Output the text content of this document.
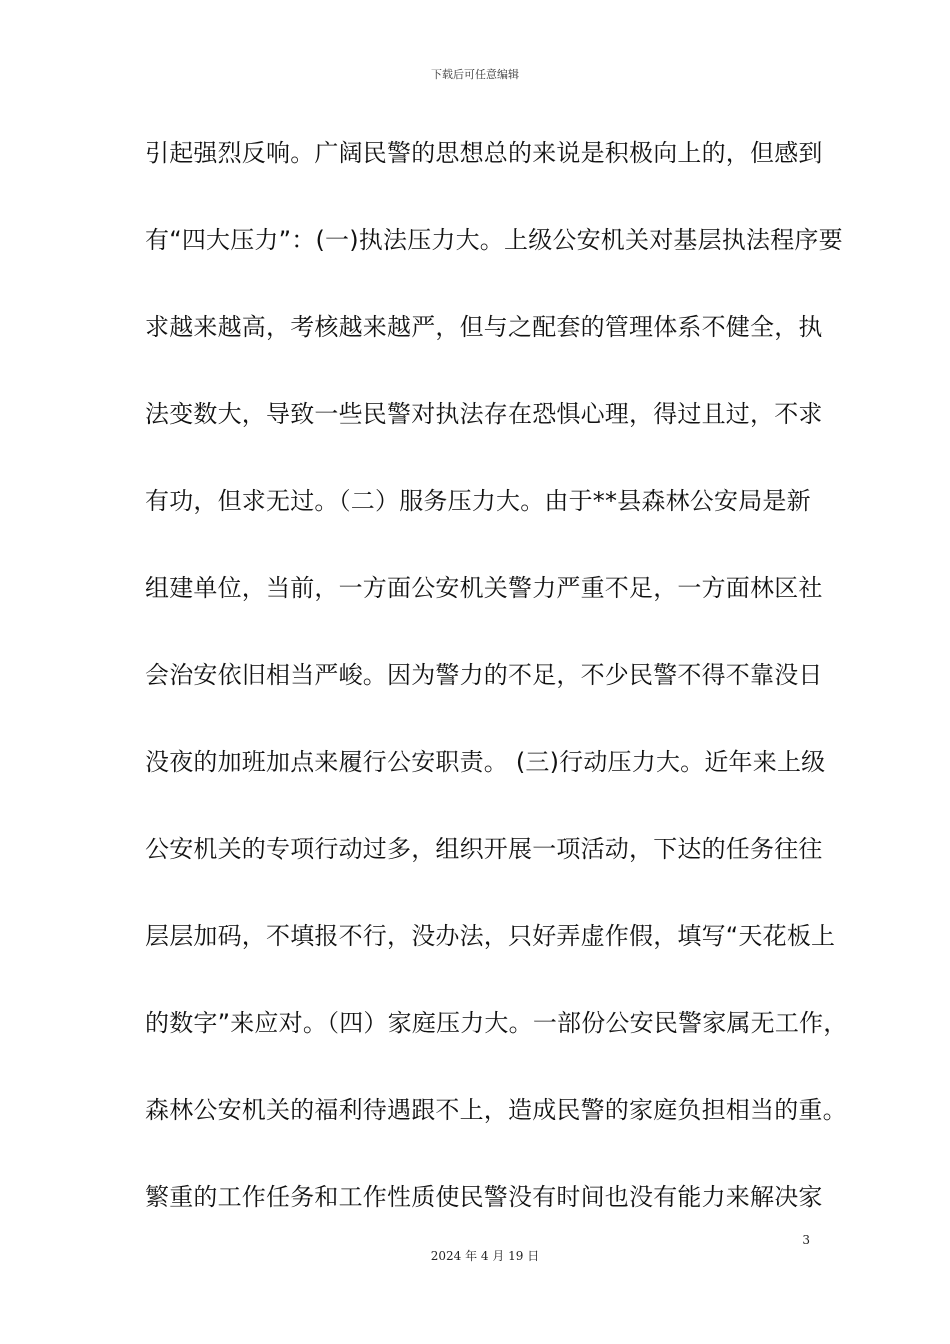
下载后可任意编辑
引起强烈反响。广阔民警的思想总的来说是积极向上的，但感到
有“四大压力”：(一)执法压力大。上级公安机关对基层执法程序要
求越来越高，考核越来越严，但与之配套的管理体系不健全，执
法变数大，导致一些民警对执法存在恐惧心理，得过且过，不求
有功，但求无过。（二）服务压力大。由于**县森林公安局是新
组建单位，当前，一方面公安机关警力严重不足，一方面林区社
会治安依旧相当严峻。因为警力的不足，不少民警不得不靠没日
没夜的加班加点来履行公安职责。 (三)行动压力大。近年来上级
公安机关的专项行动过多，组织开展一项活动，下达的任务往往
层层加码，不填报不行，没办法，只好弄虚作假，填写“天花板上
的数字”来应对。（四）家庭压力大。一部份公安民警家属无工作，
森林公安机关的福利待遇跟不上，造成民警的家庭负担相当的重。
繁重的工作任务和工作性质使民警没有时间也没有能力来解决家
3
2024 年 4 月 19 日
